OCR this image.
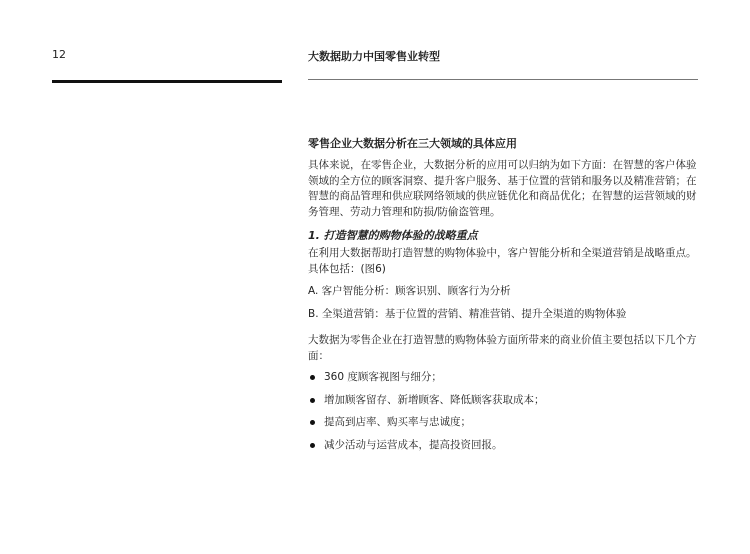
12	大数据助力中国零售业转型
零售企业大数据分析在三大领域的具体应用

具体来说，在零售企业，大数据分析的应用可以归纳为如下方面：在智慧的客户体验领域的全方位的顾客洞察、提升客户服务、基于位置的营销和服务以及精准营销；在智慧的商品管理和供应联网络领域的供应链优化和商品优化；在智慧的运营领域的财务管理、劳动力管理和防损/防偷盗管理。

1. 打造智慧的购物体验的战略重点

在利用大数据帮助打造智慧的购物体验中，客户智能分析和全渠道营销是战略重点。具体包括：(图6)

A. 客户智能分析：顾客识别、顾客行为分析

B. 全渠道营销：基于位置的营销、精准营销、提升全渠道的购物体验

大数据为零售企业在打造智慧的购物体验方面所带来的商业价值主要包括以下几个方面：

360 度顾客视图与细分；
增加顾客留存、新增顾客、降低顾客获取成本；
提高到店率、购买率与忠诚度；
减少活动与运营成本，提高投资回报。
